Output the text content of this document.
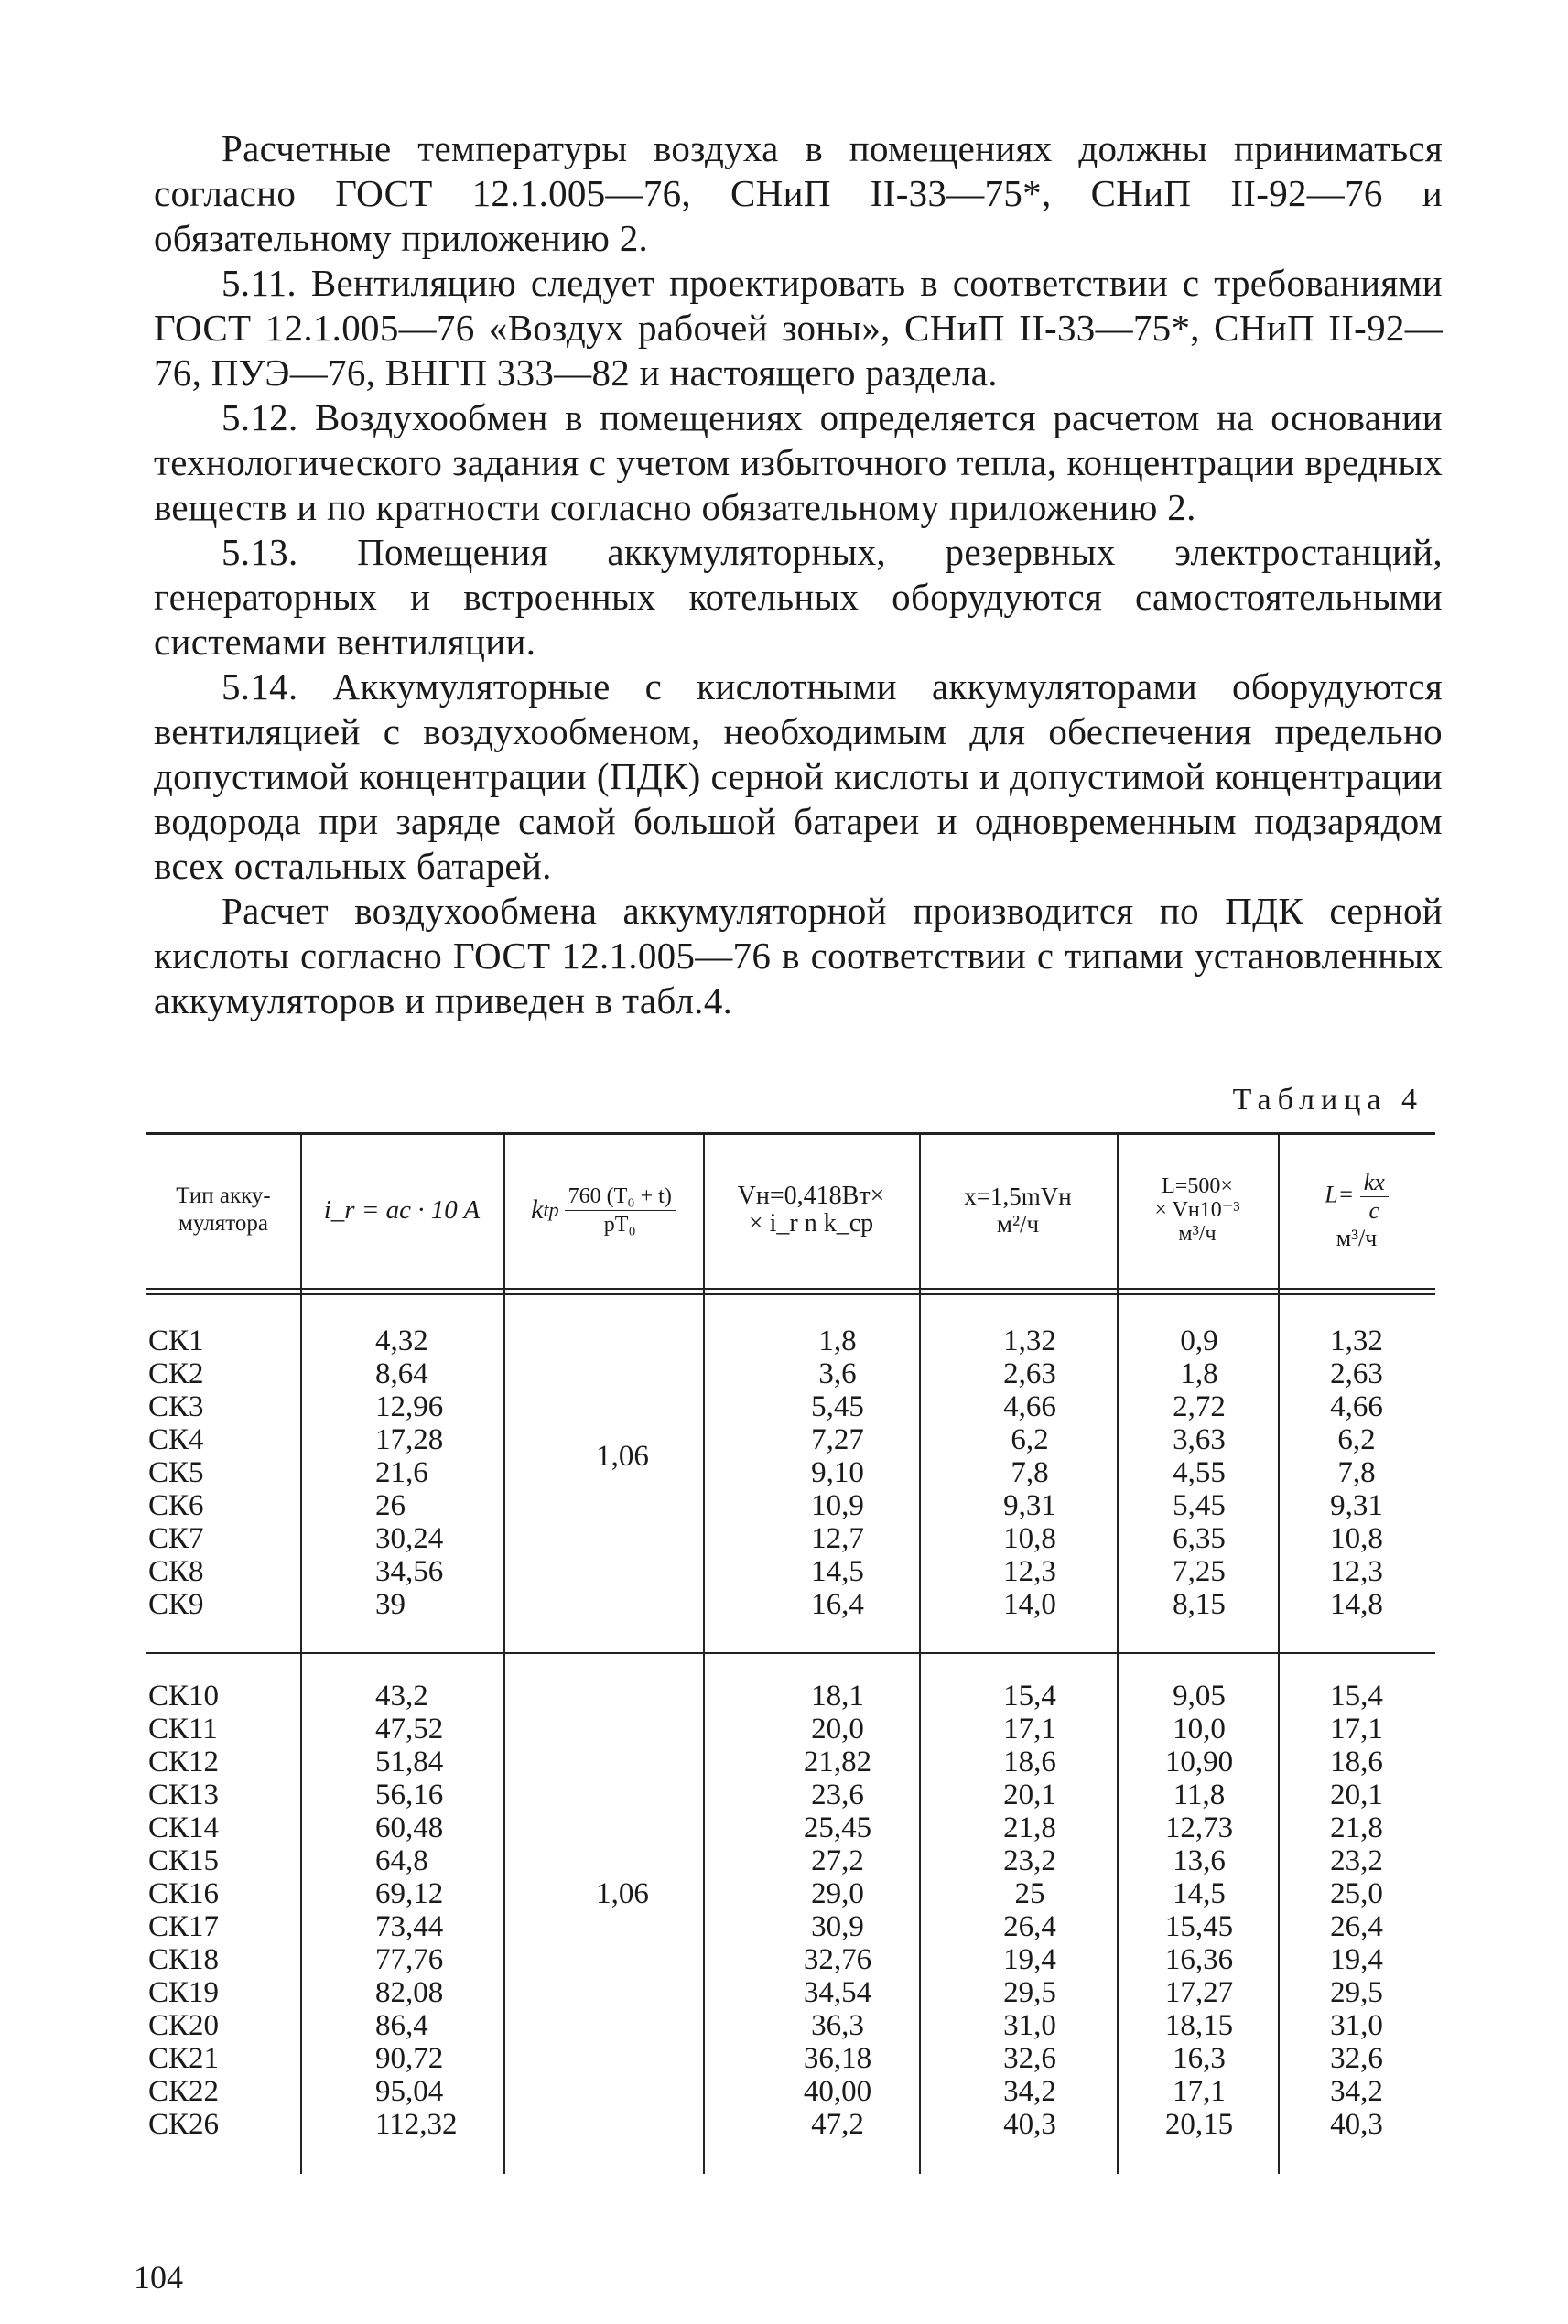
Расчетные температуры воздуха в помещениях должны приниматься согласно ГОСТ 12.1.005—76, СНиП II-33—75*, СНиП II-92—76 и обязательному приложению 2.

5.11. Вентиляцию следует проектировать в соответствии с требованиями ГОСТ 12.1.005—76 «Воздух рабочей зоны», СНиП II-33—75*, СНиП II-92—76, ПУЭ—76, ВНГП 333—82 и настоящего раздела.

5.12. Воздухообмен в помещениях определяется расчетом на основании технологического задания с учетом избыточного тепла, концентрации вредных веществ и по кратности согласно обязательному приложению 2.

5.13. Помещения аккумуляторных, резервных электростанций, генераторных и встроенных котельных оборудуются самостоятельными системами вентиляции.

5.14. Аккумуляторные с кислотными аккумуляторами оборудуются вентиляцией с воздухообменом, необходимым для обеспечения предельно допустимой концентрации (ПДК) серной кислоты и допустимой концентрации водорода при заряде самой большой батареи и одновременным подзарядом всех остальных батарей.

Расчет воздухообмена аккумуляторной производится по ПДК серной кислоты согласно ГОСТ 12.1.005—76 в соответствии с типами установленных аккумуляторов и приведен в табл.4.

Таблица 4
Тип акку-
мулятора	i_r = ac · 10 A	k tp $\frac{\text{760 (T₀ + t)}}{\text{pT₀}} Vн=0,418Вт\times$
× i_r n k_ср
x=1,5mVн
м²/ч
L=500×
× Vн10⁻³
м³/ч
$L= \frac{kx}{c}$
м³/ч
СК1
СК2
СК3
СК4
СК5
СК6
СК7
СК8
СК9
4,32
8,64
12,96
17,28
21,6
26
30,24
34,56
39
1,06
1,8
3,6
5,45
7,27
9,10
10,9
12,7
14,5
16,4
1,32
2,63
4,66
6,2
7,8
9,31
10,8
12,3
14,0
0,9
1,8
2,72
3,63
4,55
5,45
6,35
7,25
8,15
1,32
2,63
4,66
6,2
7,8
9,31
10,8
12,3
14,8
СК10
СК11
СК12
СК13
СК14
СК15
СК16
СК17
СК18
СК19
СК20
СК21
СК22
СК26
43,2
47,52
51,84
56,16
60,48
64,8
69,12
73,44
77,76
82,08
86,4
90,72
95,04
112,32
1,06
18,1
20,0
21,82
23,6
25,45
27,2
29,0
30,9
32,76
34,54
36,3
36,18
40,00
47,2
15,4
17,1
18,6
20,1
21,8
23,2
25
26,4
19,4
29,5
31,0
32,6
34,2
40,3
9,05
10,0
10,90
11,8
12,73
13,6
14,5
15,45
16,36
17,27
18,15
16,3
17,1
20,15
15,4
17,1
18,6
20,1
21,8
23,2
25,0
26,4
19,4
29,5
31,0
32,6
34,2
40,3
104
